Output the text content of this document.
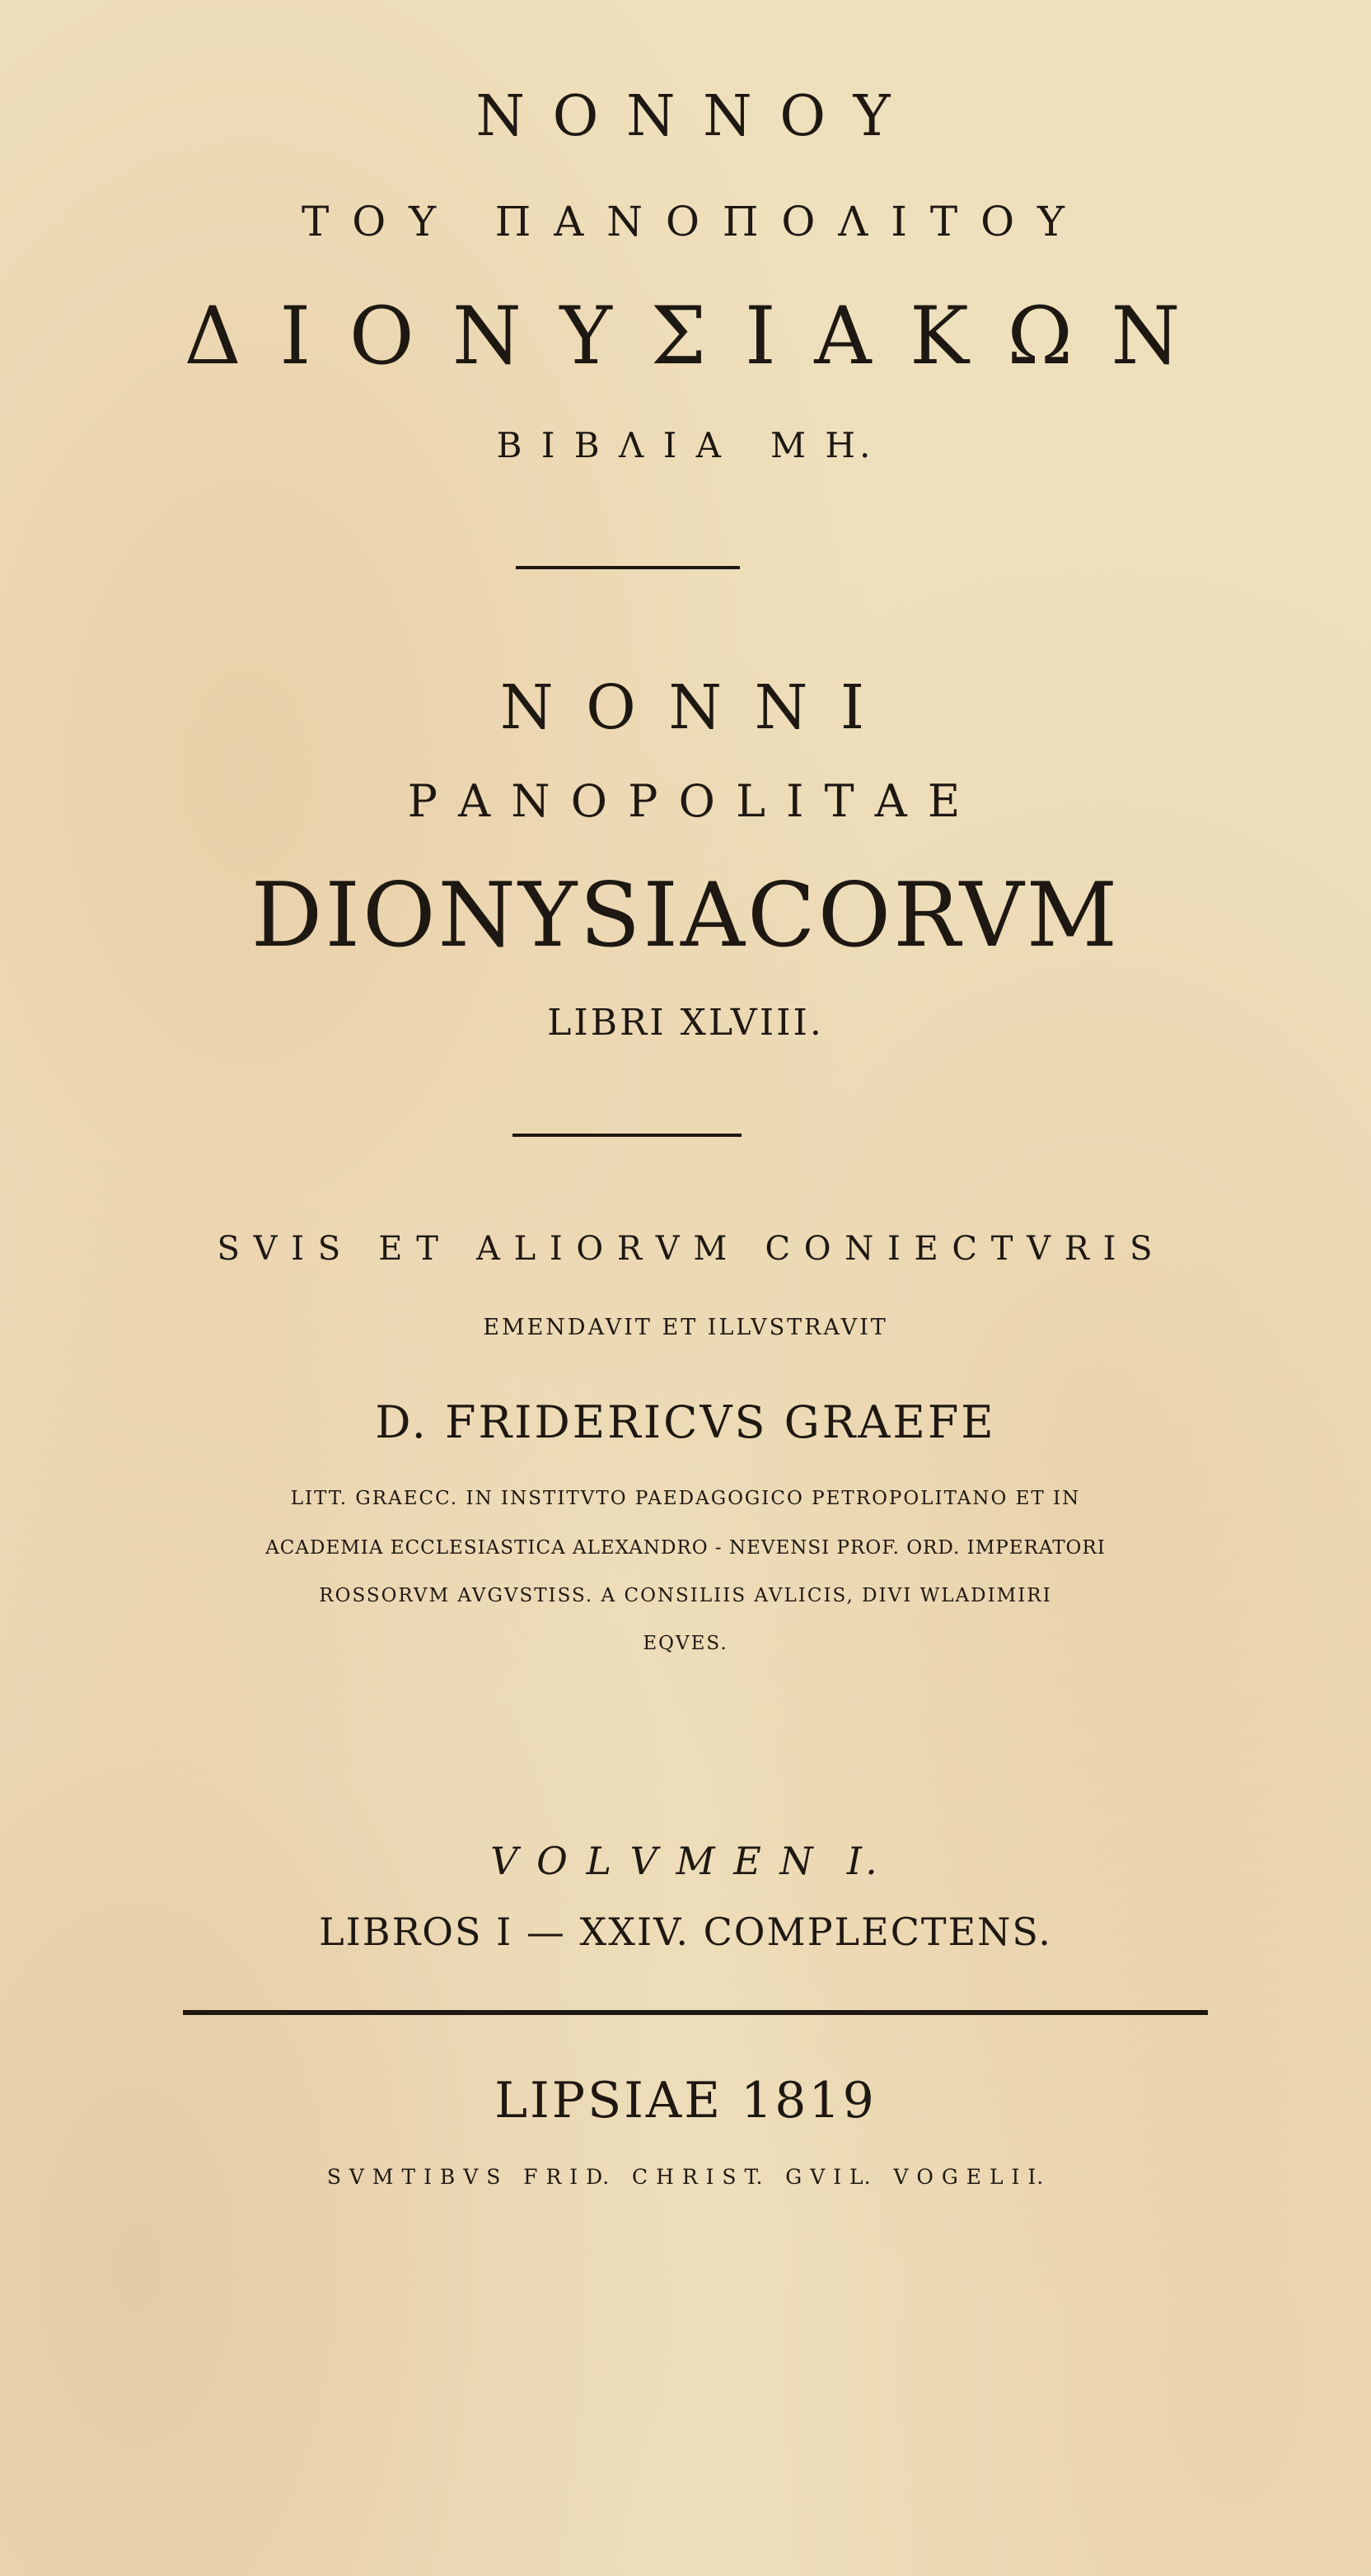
Ν Ο Ν Ν Ο Υ
Τ Ο Υ   Π Α Ν Ο Π Ο Λ Ι Τ Ο Υ
Δ Ι Ο Ν Υ Σ Ι Α Κ Ω Ν
Β Ι Β Λ Ι Α   Μ Η.
N O N N I
P A N O P O L I T A E
DIONYSIACORVM
LIBRI XLVIII.
S V I S   E T   A L I O R V M   C O N I E C T V R I S
EMENDAVIT ET ILLVSTRAVIT
D. FRIDERICVS GRAEFE
LITT. GRAECC. IN INSTITVTO PAEDAGOGICO PETROPOLITANO ET IN
ACADEMIA ECCLESIASTICA ALEXANDRO - NEVENSI PROF. ORD. IMPERATORI
ROSSORVM AVGVSTISS. A CONSILIIS AVLICIS, DIVI WLADIMIRI
EQVES.
V O L V M E N  I.
LIBROS I — XXIV. COMPLECTENS.
LIPSIAE 1819
S V M T I B V S   F R I D.   C H R I S T.   G V I L.   V O G E L I I.
